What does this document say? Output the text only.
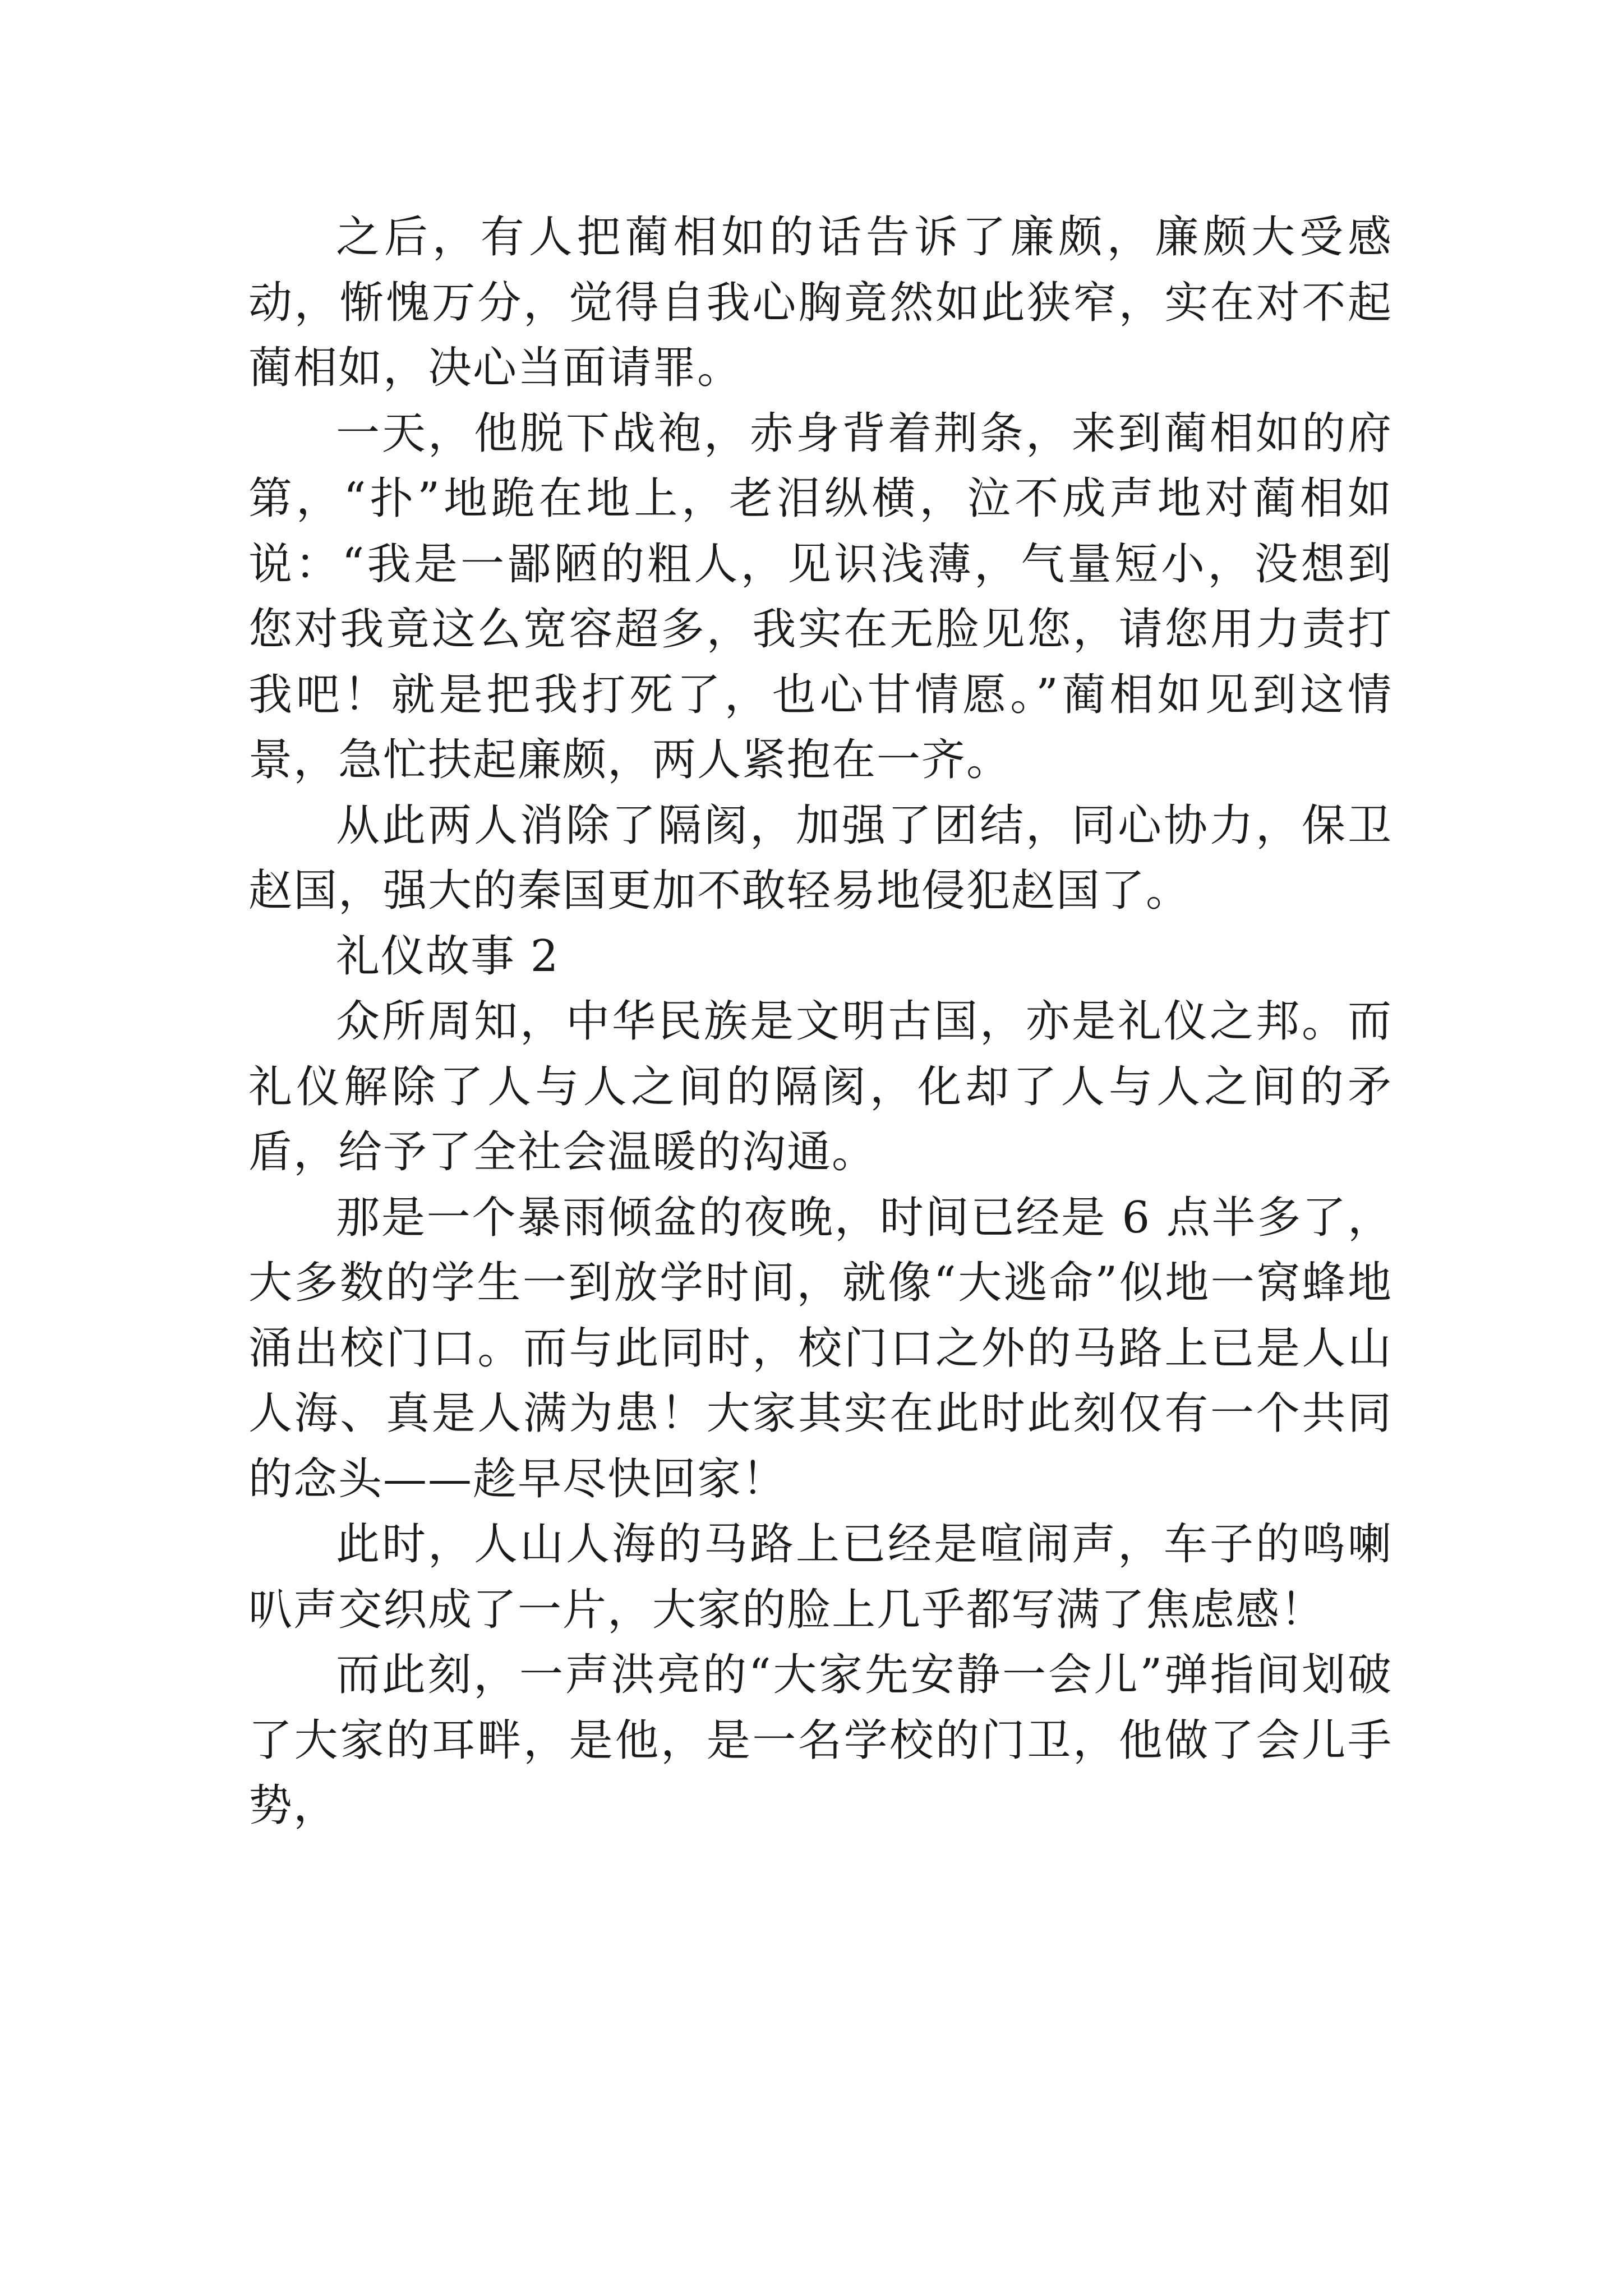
之后，有人把蔺相如的话告诉了廉颇，廉颇大受感动，惭愧万分，觉得自我心胸竟然如此狭窄，实在对不起蔺相如，决心当面请罪。

一天，他脱下战袍，赤身背着荆条，来到蔺相如的府第，“扑”地跪在地上，老泪纵横，泣不成声地对蔺相如说：“我是一鄙陋的粗人，见识浅薄，气量短小，没想到您对我竟这么宽容超多，我实在无脸见您，请您用力责打我吧！就是把我打死了，也心甘情愿。”蔺相如见到这情景，急忙扶起廉颇，两人紧抱在一齐。

从此两人消除了隔阂，加强了团结，同心协力，保卫赵国，强大的秦国更加不敢轻易地侵犯赵国了。

礼仪故事 2

众所周知，中华民族是文明古国，亦是礼仪之邦。而礼仪解除了人与人之间的隔阂，化却了人与人之间的矛盾，给予了全社会温暖的沟通。

那是一个暴雨倾盆的夜晚，时间已经是 6 点半多了，大多数的学生一到放学时间，就像“大逃命”似地一窝蜂地涌出校门口。而与此同时，校门口之外的马路上已是人山人海、真是人满为患！大家其实在此时此刻仅有一个共同的念头——趁早尽快回家！

此时，人山人海的马路上已经是喧闹声，车子的鸣喇叭声交织成了一片，大家的脸上几乎都写满了焦虑感！

而此刻，一声洪亮的“大家先安静一会儿”弹指间划破了大家的耳畔，是他，是一名学校的门卫，他做了会儿手势，
